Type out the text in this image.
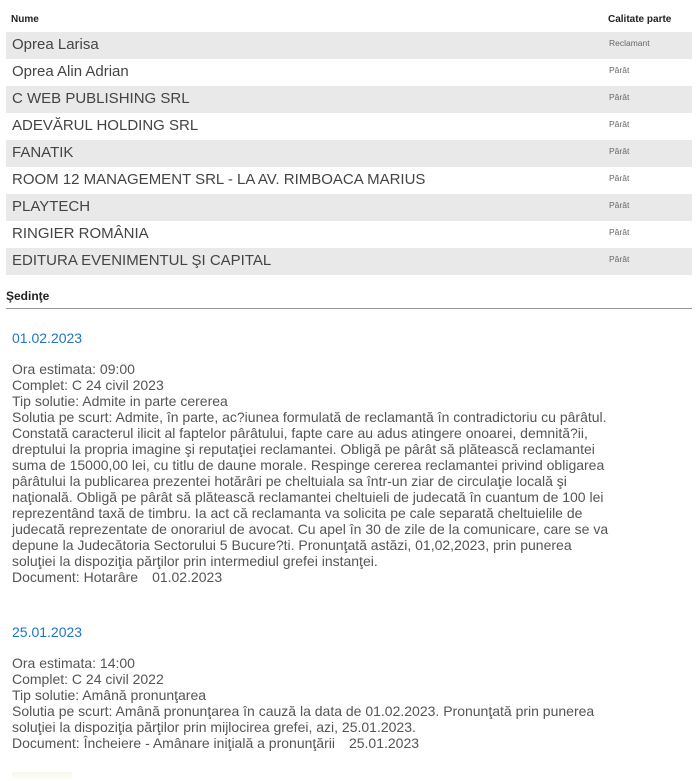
Nume	Calitate parte
Oprea Larisa	Reclamant
Oprea Alin Adrian	Pârât
C WEB PUBLISHING SRL	Pârât
ADEVĂRUL HOLDING SRL	Pârât
FANATIK	Pârât
ROOM 12 MANAGEMENT SRL - LA AV. RIMBOACA MARIUS	Pârât
PLAYTECH	Pârât
RINGIER ROMÂNIA	Pârât
EDITURA EVENIMENTUL ŞI CAPITAL	Pârât
Şedinţe
01.02.2023

Ora estimata: 09:00

Complet: C 24 civil 2023

Tip solutie: Admite in parte cererea

Solutia pe scurt: Admite, în parte, ac?iunea formulată de reclamantă în contradictoriu cu pârâtul.
Constată caracterul ilicit al faptelor pârâtului, fapte care au adus atingere onoarei, demnită?ii,
dreptului la propria imagine şi reputaţiei reclamantei. Obligă pe pârât să plătească reclamantei
suma de 15000,00 lei, cu titlu de daune morale. Respinge cererea reclamantei privind obligarea
pârâtului la publicarea prezentei hotărâri pe cheltuiala sa într-un ziar de circulaţie locală şi
naţională. Obligă pe pârât să plătească reclamantei cheltuieli de judecată în cuantum de 100 lei
reprezentând taxă de timbru. Ia act că reclamanta va solicita pe cale separată cheltuielile de
judecată reprezentate de onorariul de avocat. Cu apel în 30 de zile de la comunicare, care se va
depune la Judecătoria Sectorului 5 Bucure?ti. Pronunţată astăzi, 01,02,2023, prin punerea
soluţiei la dispoziţia părţilor prin intermediul grefei instanţei.

Document: Hotarâre 01.02.2023

25.01.2023

Ora estimata: 14:00

Complet: C 24 civil 2022

Tip solutie: Amână pronunţarea

Solutia pe scurt: Amână pronunţarea în cauză la data de 01.02.2023. Pronunţată prin punerea
soluţiei la dispoziţia părţilor prin mijlocirea grefei, azi, 25.01.2023.

Document: Încheiere - Amânare iniţială a pronunţării 25.01.2023
